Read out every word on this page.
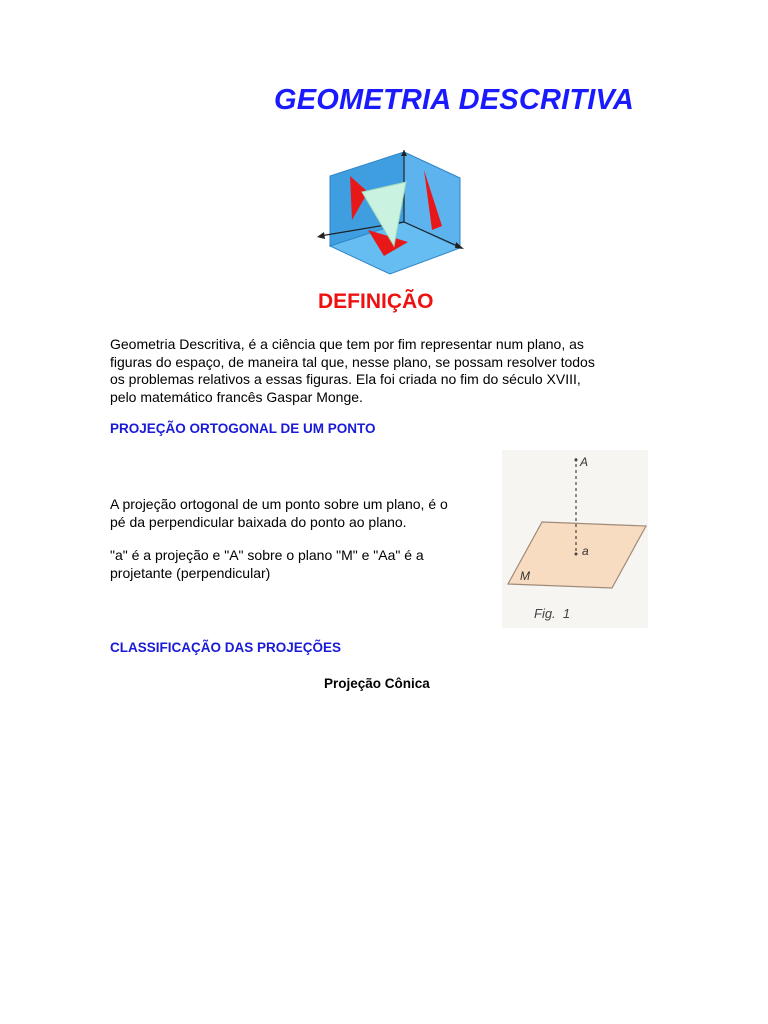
GEOMETRIA DESCRITIVA
DEFINIÇÃO
Geometria Descritiva, é a ciência que tem por fim representar num plano, as
figuras do espaço, de maneira tal que, nesse plano, se possam resolver todos
os problemas relativos a essas figuras. Ela foi criada no fim do século XVIII,
pelo matemático francês Gaspar Monge.
PROJEÇÃO ORTOGONAL DE UM PONTO
A projeção ortogonal de um ponto sobre um plano, é o
pé da perpendicular baixada do ponto ao plano.
"a" é a projeção e "A" sobre o plano "M" e "Aa" é a
projetante (perpendicular)
A
a
M
Fig.  1
CLASSIFICAÇÃO DAS PROJEÇÕES
Projeção Cônica
